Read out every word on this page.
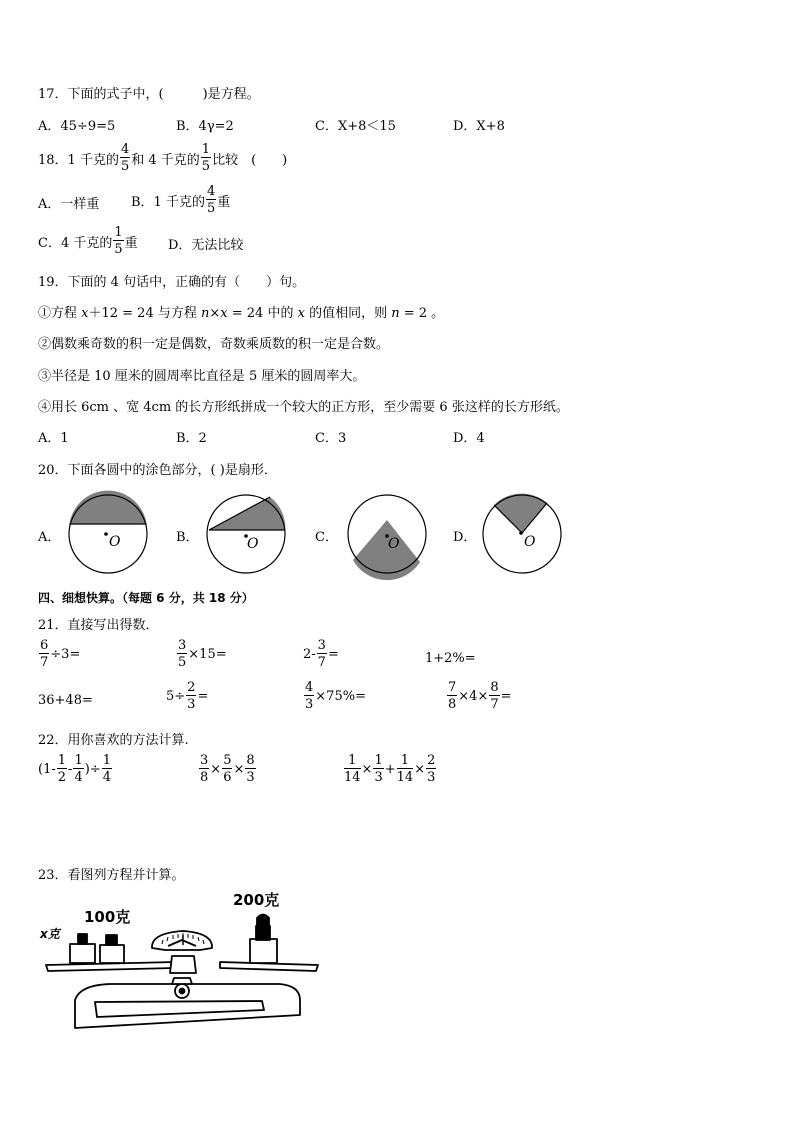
17．下面的式子中，(　　　)是方程。
A．45÷9=5	B．4γ=2	C．X+8＜15	D．X+8
18．1 千克的 $\frac{4}{5}$ 和 4 千克的 $\frac{1}{5}$ 比较　(　　)
A．一样重 B．1 千克的 $\frac{4}{5}$ 重
C．4 千克的 $\frac{1}{5}$ 重 D．无法比较
19．下面的 4 句话中，正确的有（　　）句。
①方程 x＋12 = 24 与方程 n×x = 24 中的 x 的值相同，则 n = 2 。
②偶数乘奇数的积一定是偶数，奇数乘质数的积一定是合数。
③半径是 10 厘米的圆周率比直径是 5 厘米的圆周率大。
④用长 6cm 、宽 4cm 的长方形纸拼成一个较大的正方形，至少需要 6 张这样的长方形纸。
A．1	B．2	C．3	D．4
20．下面各圆中的涂色部分，( )是扇形．
A．	B．	C．	D．
O	O	O	O
四、细想快算。（每题 6 分，共 18 分）
21．直接写出得数．
$\frac{6}{7} \div 3=$	$\frac{3}{5} \times 15=$	$2- \frac{3}{7}$ =	1+2%=
36+48=	$5\div \frac{2}{3}$ =	$\frac{4}{3} \times 75\%=$	$\frac{7}{8} \times 4\times \frac{8}{7}$ =
22．用你喜欢的方法计算.
($1- \frac{1}{2} - \frac{1}{4}$ )÷ $\frac{1}{4}$	$\frac{3}{8} \times \frac{5}{6} \times \frac{8}{3}$	$\frac{1}{14} \times \frac{1}{3} + \frac{1}{14} \times \frac{2}{3}$
23．看图列方程并计算。
x克
100克
200克
